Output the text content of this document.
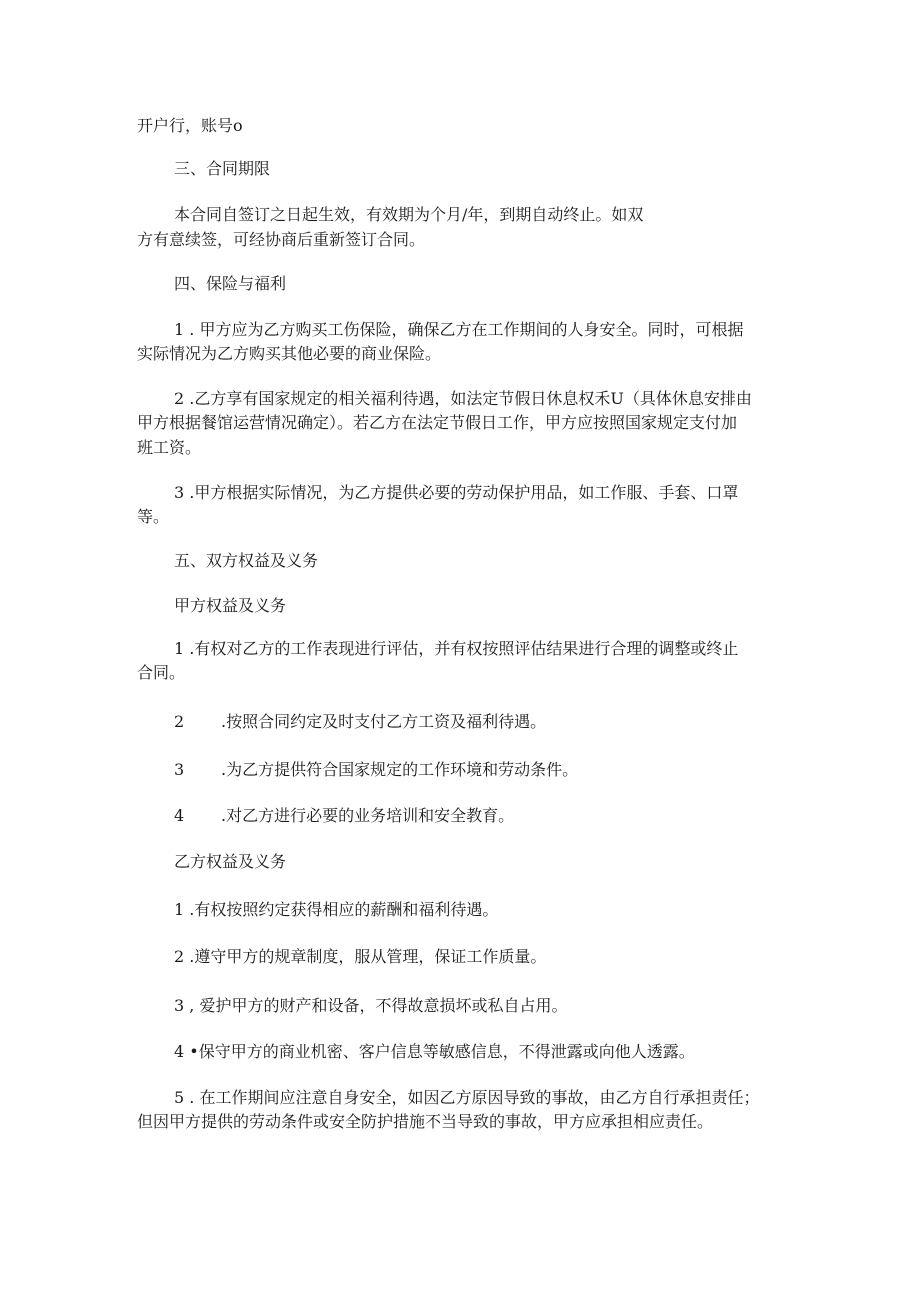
开户行，账号o

三、合同期限

本合同自签订之日起生效，有效期为个月/年，到期自动终止。如双

方有意续签，可经协商后重新签订合同。

四、保险与福利

1 . 甲方应为乙方购买工伤保险，确保乙方在工作期间的人身安全。同时，可根据

实际情况为乙方购买其他必要的商业保险。

2 .乙方享有国家规定的相关福利待遇，如法定节假日休息权禾U（具体休息安排由

甲方根据餐馆运营情况确定）。若乙方在法定节假日工作，甲方应按照国家规定支付加

班工资。

3 .甲方根据实际情况，为乙方提供必要的劳动保护用品，如工作服、手套、口罩

等。

五、双方权益及义务

甲方权益及义务

1 .有权对乙方的工作表现进行评估，并有权按照评估结果进行合理的调整或终止

合同。

2 .按照合同约定及时支付乙方工资及福利待遇。

3 .为乙方提供符合国家规定的工作环境和劳动条件。

4 .对乙方进行必要的业务培训和安全教育。

乙方权益及义务

1 .有权按照约定获得相应的薪酬和福利待遇。

2 .遵守甲方的规章制度，服从管理，保证工作质量。

3 , 爱护甲方的财产和设备，不得故意损坏或私自占用。

4 •保守甲方的商业机密、客户信息等敏感信息，不得泄露或向他人透露。

5 . 在工作期间应注意自身安全，如因乙方原因导致的事故，由乙方自行承担责任；

但因甲方提供的劳动条件或安全防护措施不当导致的事故，甲方应承担相应责任。
